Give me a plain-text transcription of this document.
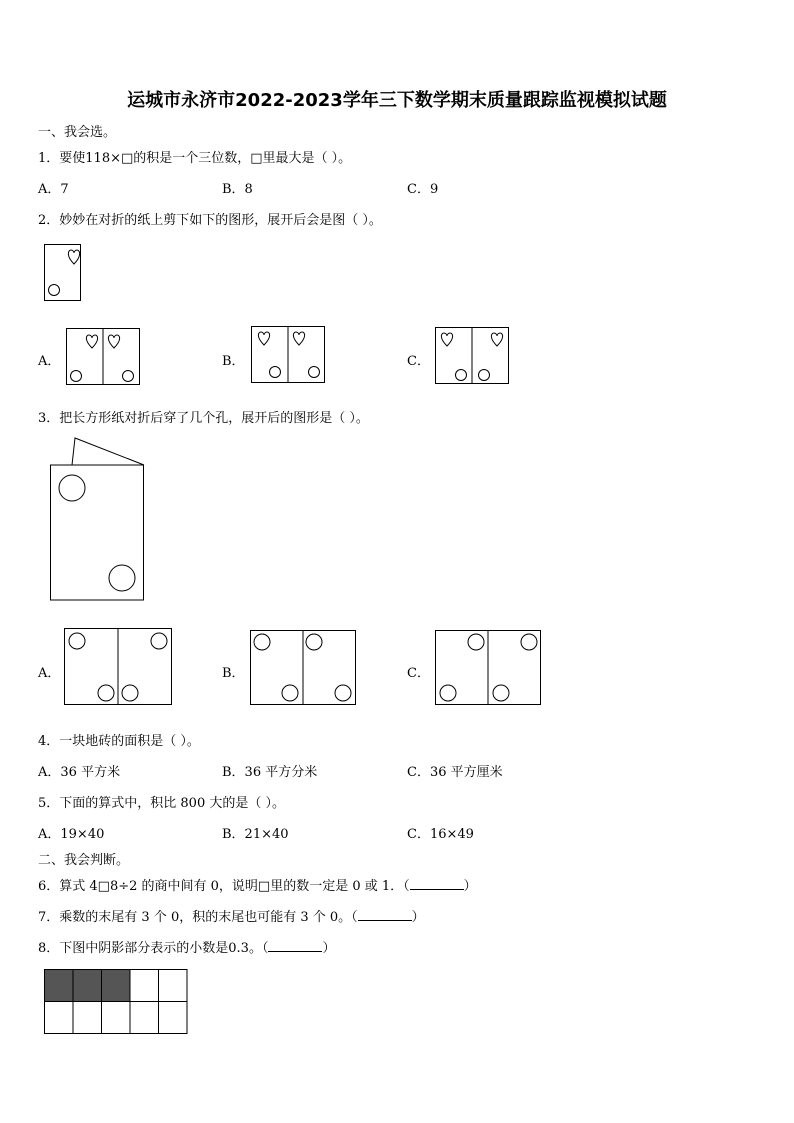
运城市永济市2022-2023学年三下数学期末质量跟踪监视模拟试题
一、我会选。
1．要使118×□的积是一个三位数，□里最大是（ ）。
A．7	B．8	C．9
2．妙妙在对折的纸上剪下如下的图形，展开后会是图（ ）。
A．	B．	C．
3．把长方形纸对折后穿了几个孔，展开后的图形是（ ）。
A．	B．	C．
4．一块地砖的面积是（ ）。
A．36 平方米	B．36 平方分米	C．36 平方厘米
5．下面的算式中，积比 800 大的是（ ）。
A．19×40	B．21×40	C．16×49
二、我会判断。
6．算式 4□8÷2 的商中间有 0，说明□里的数一定是 0 或 1．（	）
7．乘数的末尾有 3 个 0，积的末尾也可能有 3 个 0。（	）
8．下图中阴影部分表示的小数是0.3。（	）
